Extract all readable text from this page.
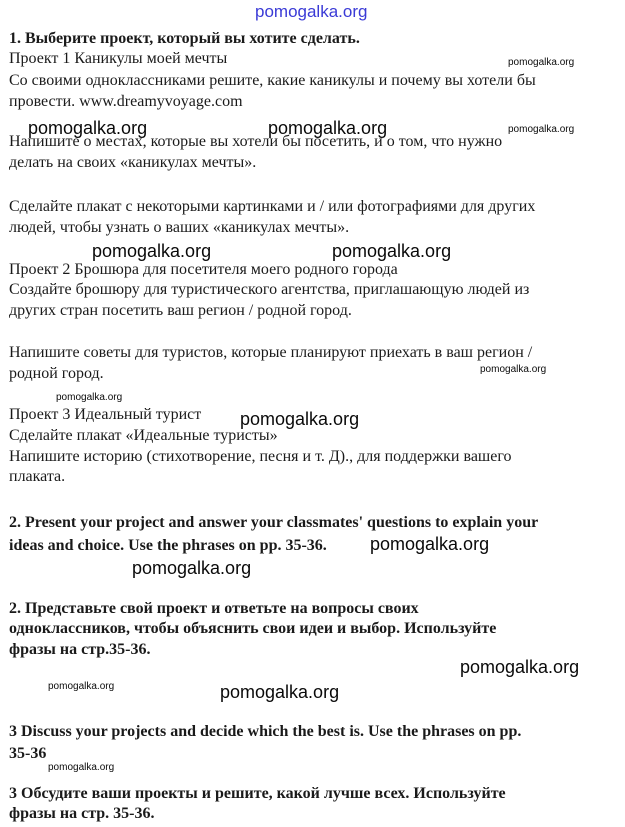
pomogalka.org
1. Выберите проект, который вы хотите сделать.
Проект 1 Каникулы моей мечты
Со своими одноклассниками решите, какие каникулы и почему вы хотели бы
провести. www.dreamyvoyage.com
Напишите о местах, которые вы хотели бы посетить, и о том, что нужно
делать на своих «каникулах мечты».
Сделайте плакат с некоторыми картинками и / или фотографиями для других
людей, чтобы узнать о ваших «каникулах мечты».
Проект 2 Брошюра для посетителя моего родного города
Создайте брошюру для туристического агентства, приглашающую людей из
других стран посетить ваш регион / родной город.
Напишите советы для туристов, которые планируют приехать в ваш регион /
родной город.
Проект 3 Идеальный турист
Сделайте плакат «Идеальные туристы»
Напишите историю (стихотворение, песня и т. Д)., для поддержки вашего
плаката.
2. Present your project and answer your classmates' questions to explain your
ideas and choice. Use the phrases on pp. 35-36.
2. Представьте свой проект и ответьте на вопросы своих
одноклассников, чтобы объяснить свои идеи и выбор. Используйте
фразы на стр.35-36.
3 Discuss your projects and decide which the best is. Use the phrases on pp.
35-36
3 Обсудите ваши проекты и решите, какой лучше всех. Используйте
фразы на стр. 35-36.
pomogalka.org	pomogalka.org
pomogalka.org	pomogalka.org
pomogalka.org
pomogalka.org
pomogalka.org
pomogalka.org
pomogalka.org
pomogalka.org
pomogalka.org
pomogalka.org
pomogalka.org
pomogalka.org
pomogalka.org
